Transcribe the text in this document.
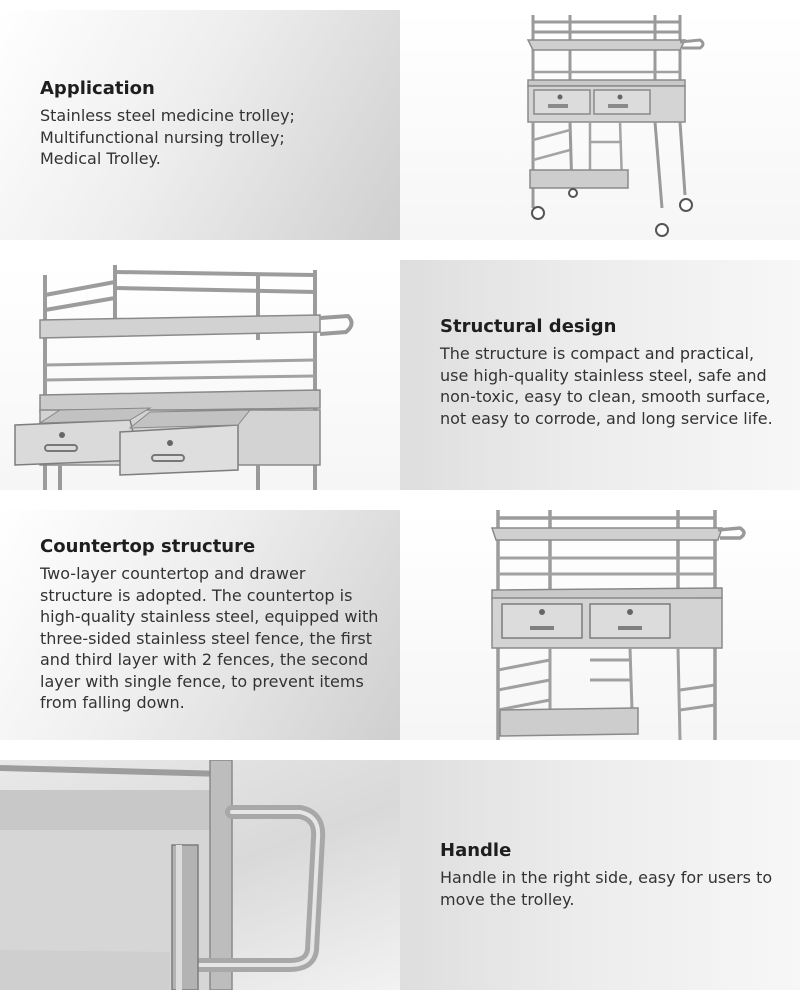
Application

Stainless steel medicine trolley;
Multifunctional nursing trolley;
Medical Trolley.

Structural design

The structure is compact and practical,
use high-quality stainless steel, safe and
non-toxic, easy to clean, smooth surface,
not easy to corrode, and long service life.

Countertop structure

Two-layer countertop and drawer
structure is adopted. The countertop is
high-quality stainless steel, equipped with
three-sided stainless steel fence, the first
and third layer with 2 fences, the second
layer with single fence, to prevent items
from falling down.

Handle

Handle in the right side, easy for users to
move the trolley.
